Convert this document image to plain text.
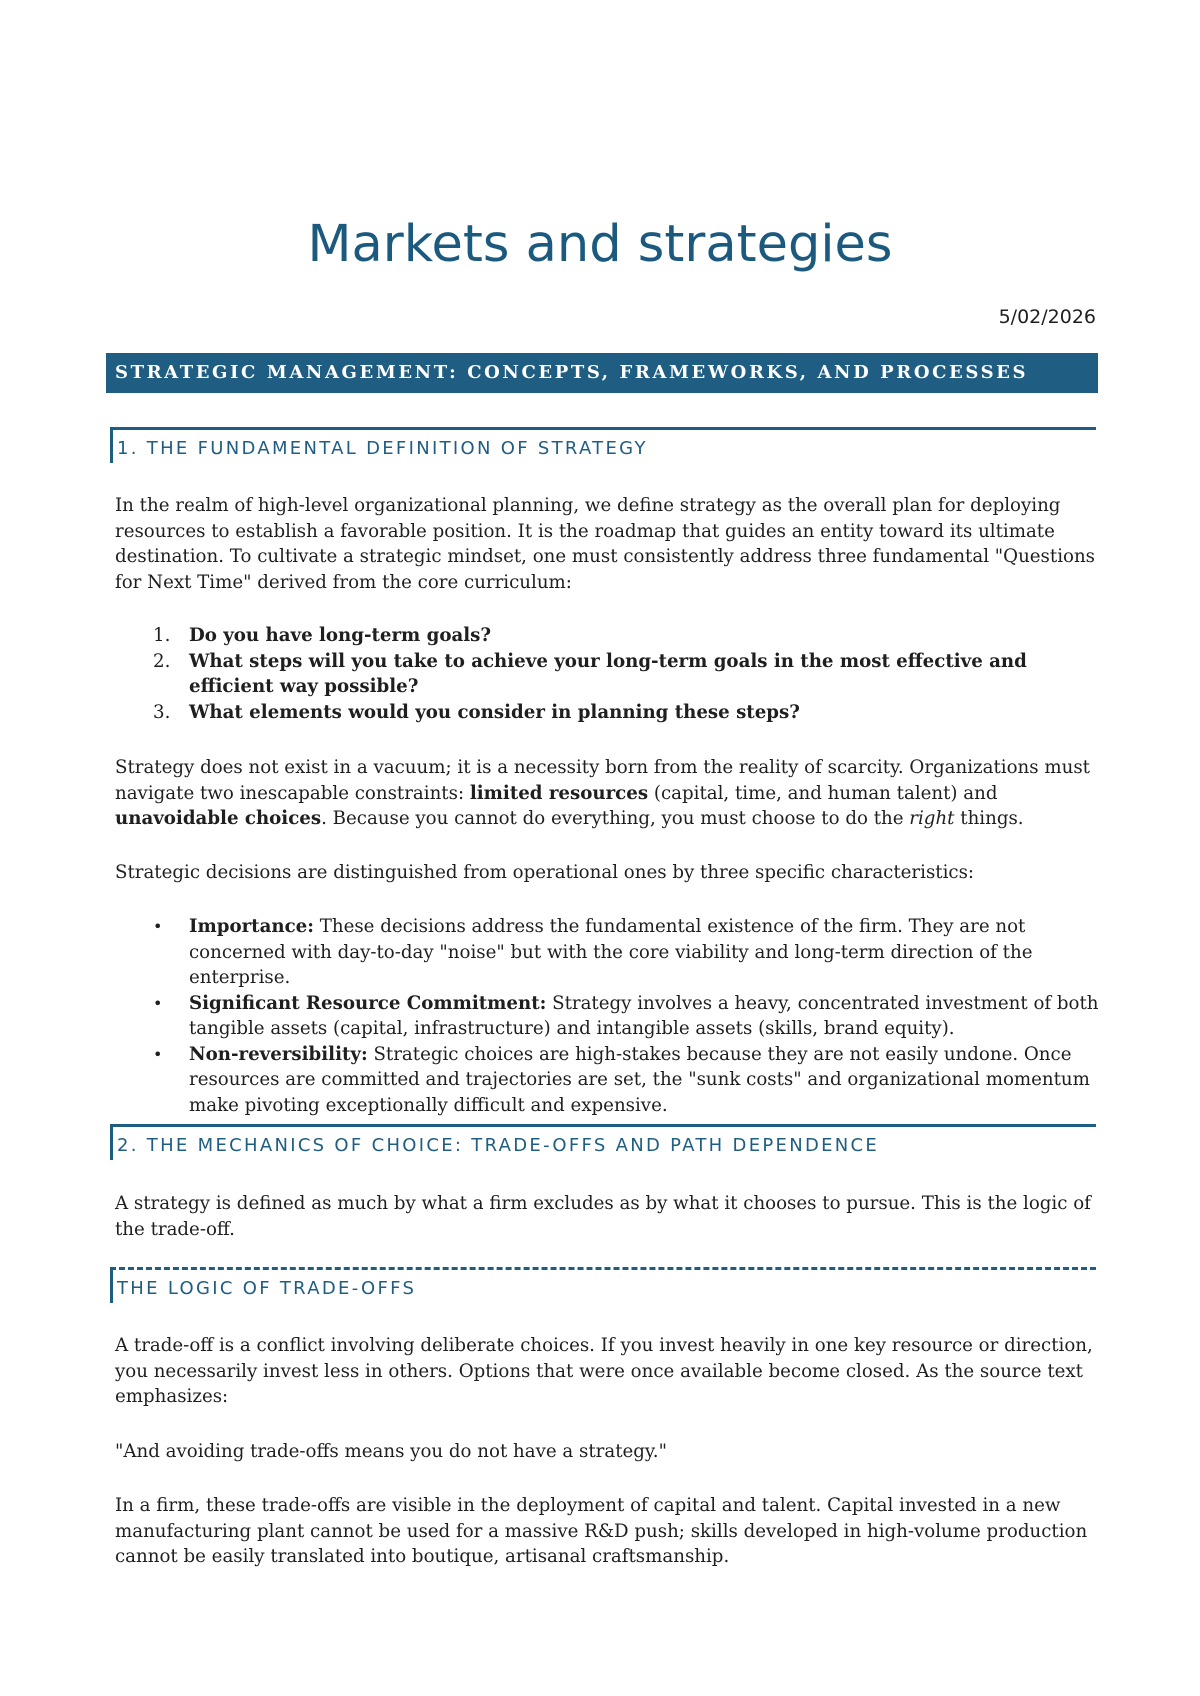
Markets and strategies
5/02/2026
STRATEGIC MANAGEMENT: CONCEPTS, FRAMEWORKS, AND PROCESSES
1. THE FUNDAMENTAL DEFINITION OF STRATEGY

In the realm of high-level organizational planning, we define strategy as the overall plan for deploying resources to establish a favorable position. It is the roadmap that guides an entity toward its ultimate destination. To cultivate a strategic mindset, one must consistently address three fundamental "Questions for Next Time" derived from the core curriculum:

1. Do you have long-term goals?
2. What steps will you take to achieve your long-term goals in the most effective and efficient way possible?
3. What elements would you consider in planning these steps?

Strategy does not exist in a vacuum; it is a necessity born from the reality of scarcity. Organizations must navigate two inescapable constraints: limited resources (capital, time, and human talent) and unavoidable choices. Because you cannot do everything, you must choose to do the right things.

Strategic decisions are distinguished from operational ones by three specific characteristics:

• Importance: These decisions address the fundamental existence of the firm. They are not concerned with day-to-day "noise" but with the core viability and long-term direction of the enterprise.
• Significant Resource Commitment: Strategy involves a heavy, concentrated investment of both tangible assets (capital, infrastructure) and intangible assets (skills, brand equity).
• Non-reversibility: Strategic choices are high-stakes because they are not easily undone. Once resources are committed and trajectories are set, the "sunk costs" and organizational momentum make pivoting exceptionally difficult and expensive.
2. THE MECHANICS OF CHOICE: TRADE-OFFS AND PATH DEPENDENCE

A strategy is defined as much by what a firm excludes as by what it chooses to pursue. This is the logic of the trade-off.

THE LOGIC OF TRADE-OFFS

A trade-off is a conflict involving deliberate choices. If you invest heavily in one key resource or direction, you necessarily invest less in others. Options that were once available become closed. As the source text emphasizes:

"And avoiding trade-offs means you do not have a strategy."

In a firm, these trade-offs are visible in the deployment of capital and talent. Capital invested in a new manufacturing plant cannot be used for a massive R&D push; skills developed in high-volume production cannot be easily translated into boutique, artisanal craftsmanship.
